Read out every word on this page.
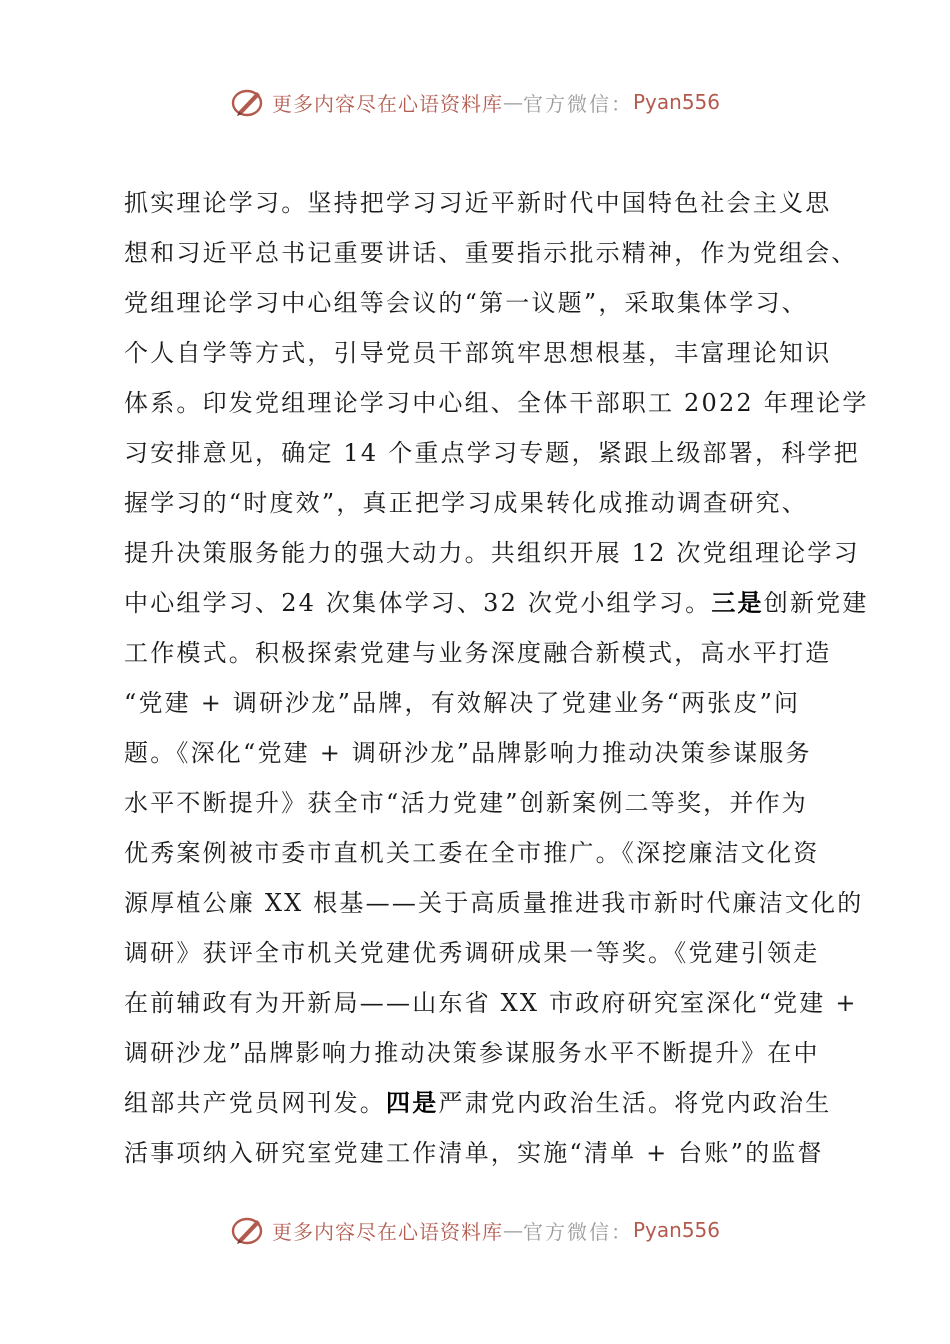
更多内容尽在心语资料库 — 官方微信： Pyan556
抓实理论学习。坚持把学习习近平新时代中国特色社会主义思
想和习近平总书记重要讲话、重要指示批示精神，作为党组会、
党组理论学习中心组等会议的“第一议题”，采取集体学习、
个人自学等方式，引导党员干部筑牢思想根基，丰富理论知识
体系。印发党组理论学习中心组、全体干部职工 2022 年理论学
习安排意见，确定 14 个重点学习专题，紧跟上级部署，科学把
握学习的“时度效”，真正把学习成果转化成推动调查研究、
提升决策服务能力的强大动力。共组织开展 12 次党组理论学习
中心组学习、24 次集体学习、32 次党小组学习。三是创新党建
工作模式。积极探索党建与业务深度融合新模式，高水平打造
“党建 + 调研沙龙”品牌，有效解决了党建业务“两张皮”问
题。《深化“党建 + 调研沙龙”品牌影响力推动决策参谋服务
水平不断提升》获全市“活力党建”创新案例二等奖，并作为
优秀案例被市委市直机关工委在全市推广。《深挖廉洁文化资
源厚植公廉 XX 根基——关于高质量推进我市新时代廉洁文化的
调研》获评全市机关党建优秀调研成果一等奖。《党建引领走
在前辅政有为开新局——山东省 XX 市政府研究室深化“党建 +
调研沙龙”品牌影响力推动决策参谋服务水平不断提升》在中
组部共产党员网刊发。四是严肃党内政治生活。将党内政治生
活事项纳入研究室党建工作清单，实施“清单 + 台账”的监督
更多内容尽在心语资料库 — 官方微信： Pyan556
